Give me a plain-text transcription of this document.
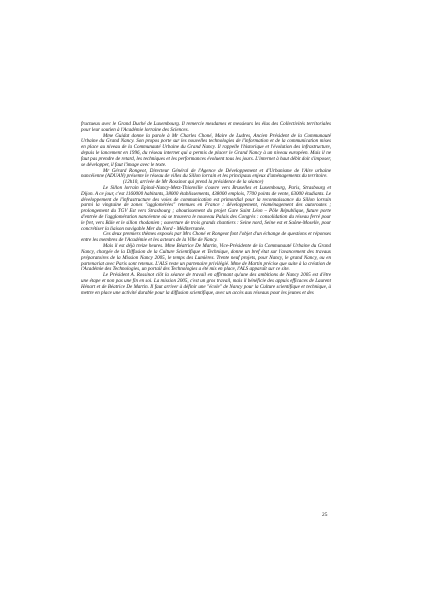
fructueux avec le Grand Duché de Luxembourg. Il remercie mesdames et messieurs les élus des Collectivités territoriales pour leur soutien à l'Académie lorraine des Sciences.

Mme Guidat donne la parole à Mr Charles Choné, Maire de Ludres, Ancien Président de la Communauté Urbaine du Grand Nancy. Son propos porte sur les nouvelles technologies de l'information et de la communication mises en place au niveau de la Communauté Urbaine du Grand Nancy. Il rappelle l'historique et l'évolution des infrastructure, depuis le lancement en 1996, du réseau internet qui a permis de placer le Grand Nancy à un niveau européen. Mais il ne faut pas prendre de retard, les techniques et les performances évoluent tous les jours. L'internet à haut débit doit s'imposer, se développer, il faut l'image avec le texte.

Mr Gérard Rongeot, Directeur Général de l'Agence de Développement et d'Urbanisme de l'Aire urbaine nancéienne (ADUAN) présente le réseau de villes du Sillon lorrain et les principaux enjeux d'aménagements du territoire.

(12h10, arrivée de Mr Rossinot qui prend la présidence de la séance)

Le Sillon lorrain Epinal-Nancy-Metz-Thionville s'ouvre vers Bruxelles et Luxembourg, Paris, Strasbourg et Dijon. A ce jour, c'est 1160000 habitants, 38000 établissements, 438000 emplois, 7700 points de vente, 63000 étudiants. Le développement de l'infrastructure des voies de communication est primordial pour la reconnaissance du Sillon lorrain parmi la vingtaine de zones "agglomérées" retenues en France : développement, réaménagement des autoroutes ; prolongement du TGV Est vers Strasbourg ; aboutissement du projet Gare Saint Léon – Pôle République, future porte d'entrée de l'agglomération nancéenne où se trouvera le nouveau Palais des Congrès : consolidation du réseau ferré pour le fret, vers Bâle et le sillon rhodanien ; ouverture de trois grands chantiers : Seine nord, Seine est et Saône-Moselle, pour concrétiser la liaison navigable Mer du Nord - Méditerranée.

Ces deux premiers thèmes exposés par Mrs Choné et Rongeot font l'objet d'un échange de questions et réponses entre les membres de l'Académie et les acteurs de la Ville de Nancy.

Mais il est déjà treize heures. Mme Béatrice De Martin, Vice-Présidente de la Communauté Urbaine du Grand Nancy, chargée de la Diffusion de la Culture Scientifique et Technique, donne un bref état sur l'avancement des travaux préparatoires de la Mission Nancy 2005, le temps des Lumières. Trente neuf projets, pour Nancy, le grand Nancy, ou en partenariat avec Paris sont retenus. L'ALS reste un partenaire privilégié. Mme de Martin précise que suite à la création de l'Académie des Technologies, un portail des Technologies a été mis en place, l'ALS apparaît sur ce site.

Le Président A. Rossinot clôt la séance de travail en affirmant qu'une des ambitions de Nancy 2005 est d'être une étape et non pas une fin en soi. La mission 2005, c'est un gros travail, mais il bénéficie des appuis efficaces de Laurent Hénart et de Béatrice De Martin. Il faut arriver à définir une "école" de Nancy pour la Culture scientifique et technique, à mettre en place une activité durable pour la diffusion scientifique, avec un accès aux réseaux pour les jeunes et des

25
